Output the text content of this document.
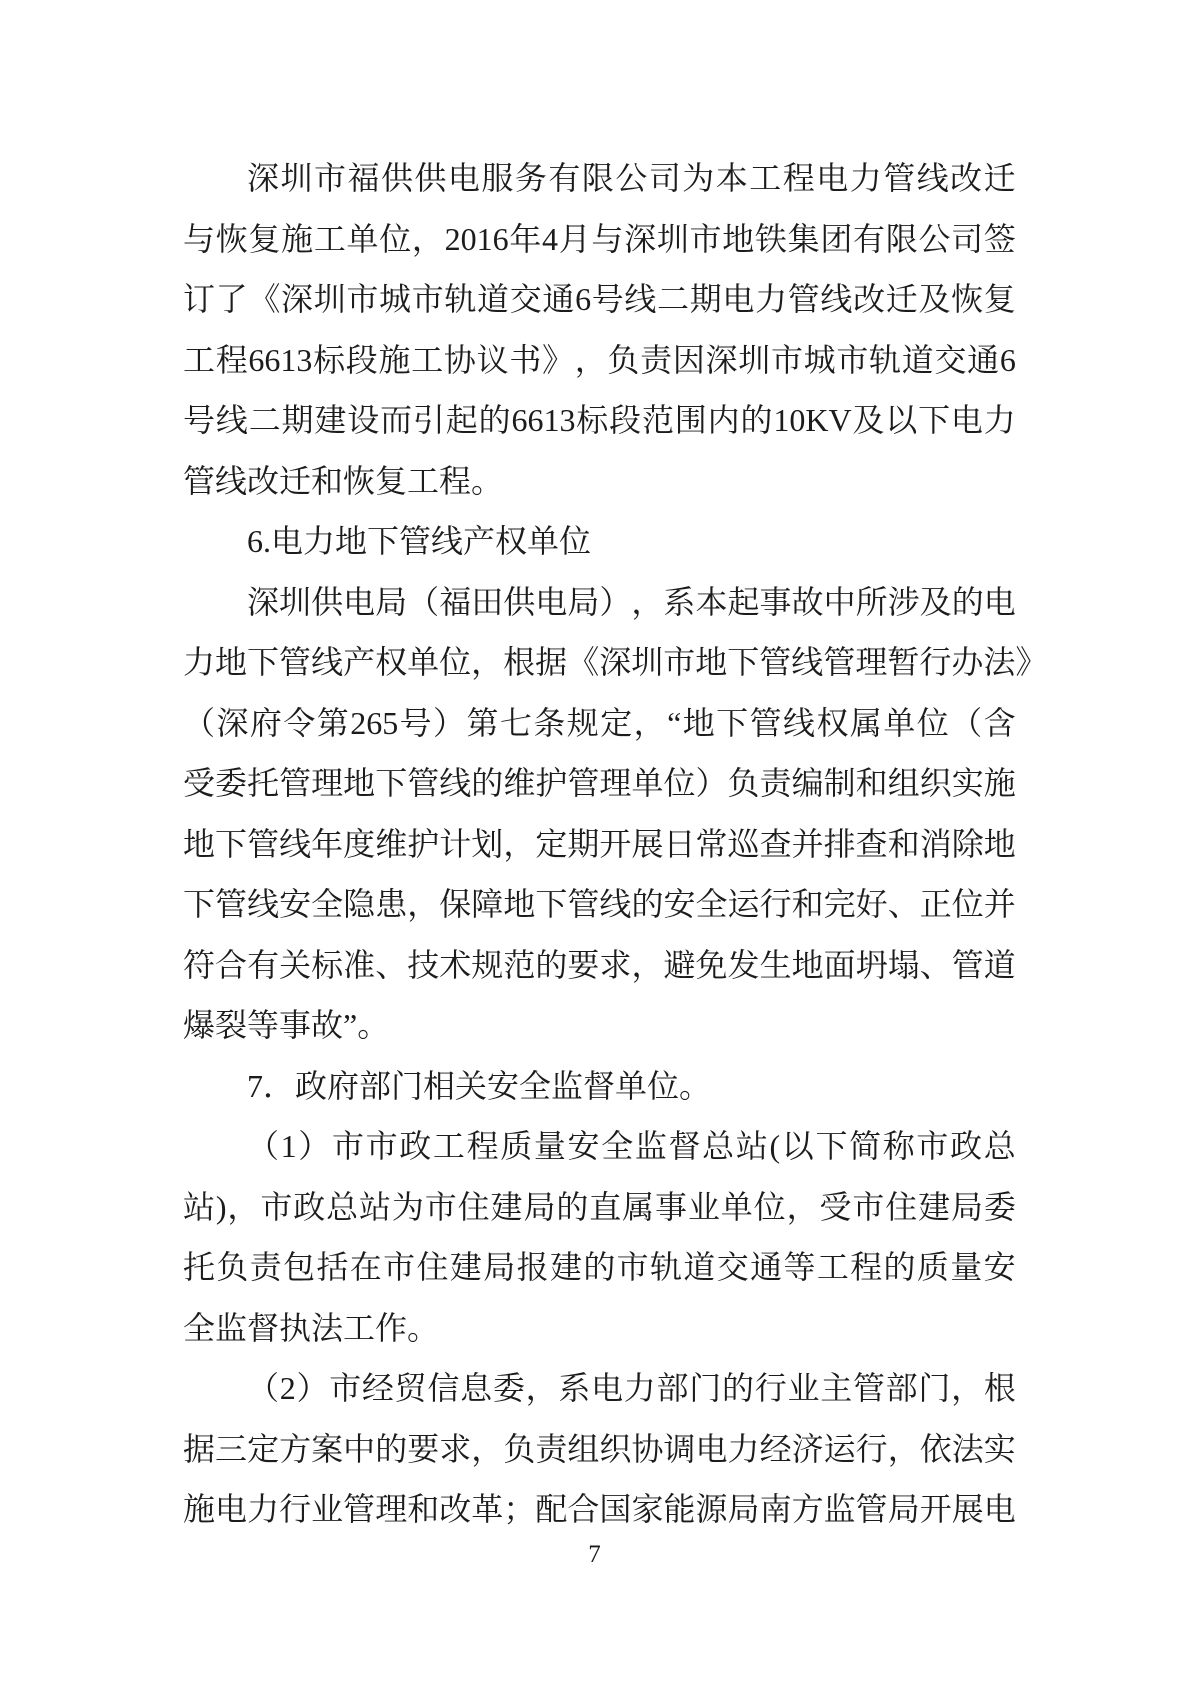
深 圳 市 福 供 供 电 服 务 有 限 公 司 为 本 工 程 电 力 管 线 改 迁
与 恢 复 施 工 单 位 ， 2016 年 4 月 与 深 圳 市 地 铁 集 团 有 限 公 司 签
订 了 《 深 圳 市 城 市 轨 道 交 通 6 号 线 二 期 电 力 管 线 改 迁 及 恢 复
工 程 6613 标 段 施 工 协 议 书 》 ， 负 责 因 深 圳 市 城 市 轨 道 交 通 6
号 线 二 期 建 设 而 引 起 的 6613 标 段 范 围 内 的 10KV 及 以 下 电 力
管线改迁和恢复工程。
6.电力地下管线产权单位
深 圳 供 电 局 （ 福 田 供 电 局 ） ， 系 本 起 事 故 中 所 涉 及 的 电
力 地 下 管 线 产 权 单 位 ， 根 据 《 深 圳 市 地 下 管 线 管 理 暂 行 办 法 》
（ 深 府 令 第 265 号 ） 第 七 条 规 定 ， “ 地 下 管 线 权 属 单 位 （ 含
受 委 托 管 理 地 下 管 线 的 维 护 管 理 单 位 ） 负 责 编 制 和 组 织 实 施
地 下 管 线 年 度 维 护 计 划 ， 定 期 开 展 日 常 巡 查 并 排 查 和 消 除 地
下 管 线 安 全 隐 患 ， 保 障 地 下 管 线 的 安 全 运 行 和 完 好 、 正 位 并
符 合 有 关 标 准 、 技 术 规 范 的 要 求 ， 避 免 发 生 地 面 坍 塌 、 管 道
爆裂等事故”。
7．政府部门相关安全监督单位。
（ 1 ） 市 市 政 工 程 质 量 安 全 监 督 总 站 ( 以 下 简 称 市 政 总
站 ) ， 市 政 总 站 为 市 住 建 局 的 直 属 事 业 单 位 ， 受 市 住 建 局 委
托 负 责 包 括 在 市 住 建 局 报 建 的 市 轨 道 交 通 等 工 程 的 质 量 安
全监督执法工作。
（ 2 ） 市 经 贸 信 息 委 ， 系 电 力 部 门 的 行 业 主 管 部 门 ， 根
据 三 定 方 案 中 的 要 求 ， 负 责 组 织 协 调 电 力 经 济 运 行 ， 依 法 实
施 电 力 行 业 管 理 和 改 革 ； 配 合 国 家 能 源 局 南 方 监 管 局 开 展 电
7
